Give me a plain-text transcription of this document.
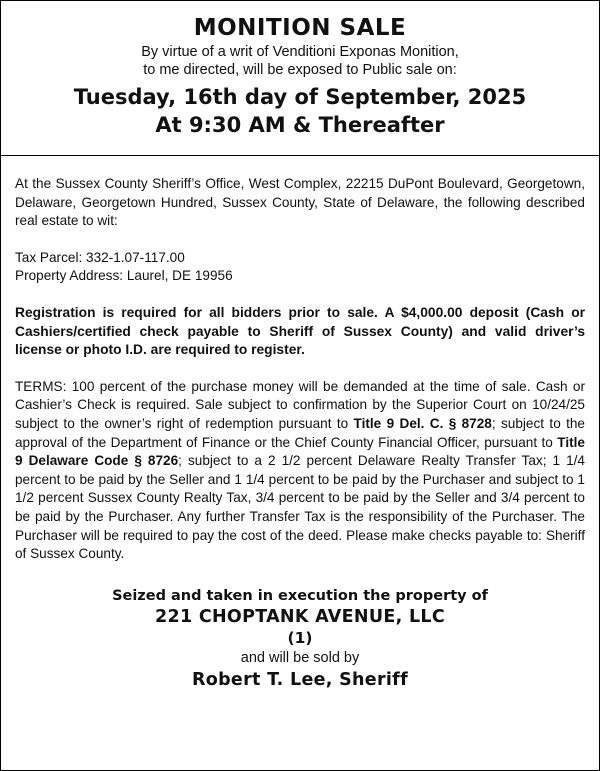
MONITION SALE
By virtue of a writ of Venditioni Exponas Monition,
to me directed, will be exposed to Public sale on:
Tuesday, 16th day of September, 2025
At 9:30 AM & Thereafter

At the Sussex County Sheriff’s Office, West Complex, 22215 DuPont Boulevard, Georgetown, Delaware, Georgetown Hundred, Sussex County, State of Delaware, the following described real estate to wit:

Tax Parcel: 332-1.07-117.00

Property Address: Laurel, DE 19956

Registration is required for all bidders prior to sale. A $4,000.00 deposit (Cash or Cashiers/certified check payable to Sheriff of Sussex County) and valid driver’s license or photo I.D. are required to register.

TERMS: 100 percent of the purchase money will be demanded at the time of sale. Cash or Cashier’s Check is required. Sale subject to confirmation by the Superior Court on 10/24/25 subject to the owner’s right of redemption pursuant to Title 9 Del. C. § 8728; subject to the approval of the Department of Finance or the Chief County Financial Officer, pursuant to Title 9 Delaware Code § 8726; subject to a 2 1/2 percent Delaware Realty Transfer Tax; 1 1/4 percent to be paid by the Seller and 1 1/4 percent to be paid by the Purchaser and subject to 1 1/2 percent Sussex County Realty Tax, 3/4 percent to be paid by the Seller and 3/4 percent to be paid by the Purchaser. Any further Transfer Tax is the responsibility of the Purchaser. The Purchaser will be required to pay the cost of the deed. Please make checks payable to: Sheriff of Sussex County.

Seized and taken in execution the property of
221 CHOPTANK AVENUE, LLC
(1)
and will be sold by
Robert T. Lee, Sheriff
